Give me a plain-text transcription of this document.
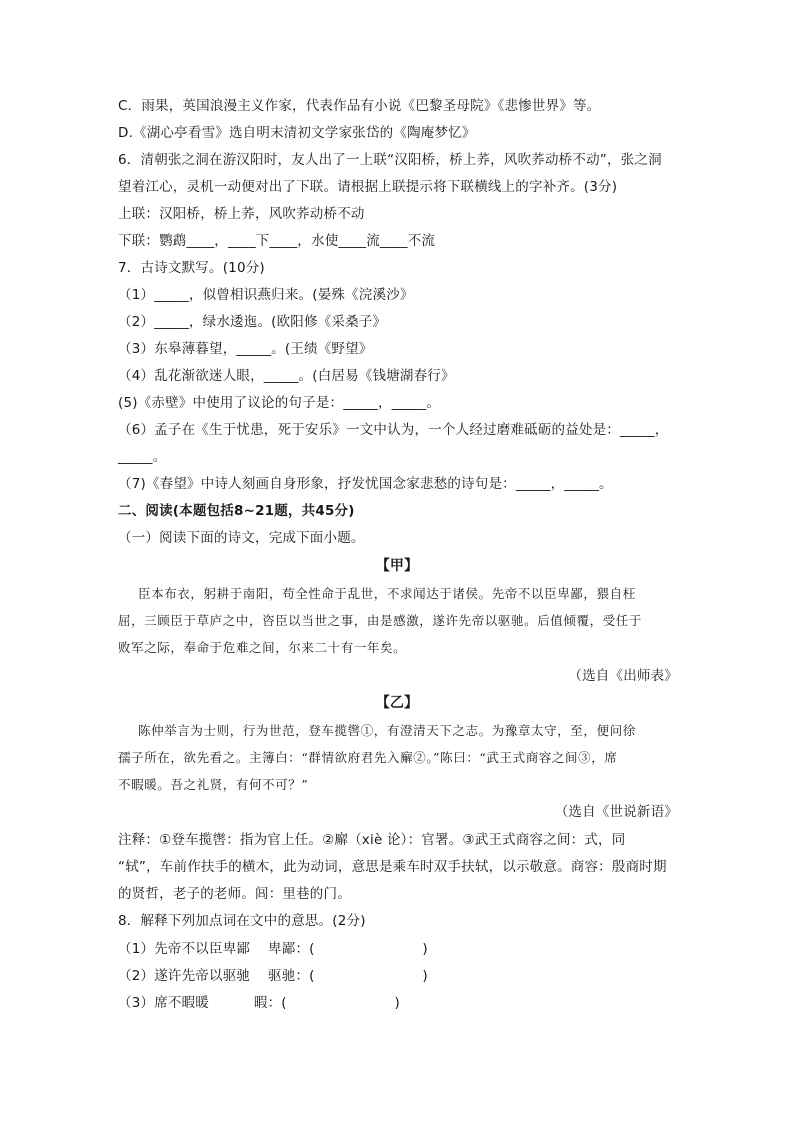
C．雨果，英国浪漫主义作家，代表作品有小说《巴黎圣母院》《悲惨世界》等。
D.《湖心亭看雪》选自明末清初文学家张岱的《陶庵梦忆》
6．清朝张之洞在游汉阳时，友人出了一上联“汉阳桥，桥上荞，风吹荞动桥不动”，张之洞
望着江心，灵机一动便对出了下联。请根据上联提示将下联横线上的字补齐。(3分)
上联：汉阳桥，桥上荞，风吹荞动桥不动
下联：鹦鹉____，____下____，水使____流____不流
7．古诗文默写。(10分)
（1）_____，似曾相识燕归来。(晏殊《浣溪沙》
（2）_____，绿水逶迤。(欧阳修《采桑子》
（3）东皋薄暮望，_____。(王绩《野望》
（4）乱花渐欲迷人眼，_____。(白居易《钱塘湖春行》
(5)《赤壁》中使用了议论的句子是：_____，_____。
（6）孟子在《生于忧患，死于安乐》一文中认为，一个人经过磨难砥砺的益处是：_____，
_____。
（7)《春望》中诗人刻画自身形象，抒发忧国念家悲愁的诗句是：_____，_____。
二、阅读(本题包括8~21题，共45分)
（一）阅读下面的诗文，完成下面小题。
【甲】
臣本布衣，躬耕于南阳，苟全性命于乱世，不求闻达于诸侯。先帝不以臣卑鄙，猥自枉
屈，三顾臣于草庐之中，咨臣以当世之事，由是感激，遂许先帝以驱驰。后值倾覆，受任于
败军之际，奉命于危难之间，尔来二十有一年矣。
（选自《出师表》
【乙】
陈仲举言为士则，行为世范，登车揽辔①，有澄清天下之志。为豫章太守，至，便问徐
孺子所在，欲先看之。主簿白：“群情欲府君先入廨②。”陈曰：“武王式商容之间③，席
不暇暖。吾之礼贤，有何不可？”
（选自《世说新语》
注释：①登车揽辔：指为官上任。②廨（xiè 论）：官署。③武王式商容之间：式，同
“轼”，车前作扶手的横木，此为动词，意思是乘车时双手扶轼，以示敬意。商容：殷商时期
的贤哲，老子的老师。闾：里巷的门。
8．解释下列加点词在文中的意思。(2分)
（1）先帝不以臣卑鄙    卑鄙：(                        )
（2）遂许先帝以驱驰    驱驰：(                        )
（3）席不暇暖          暇：(                        )
